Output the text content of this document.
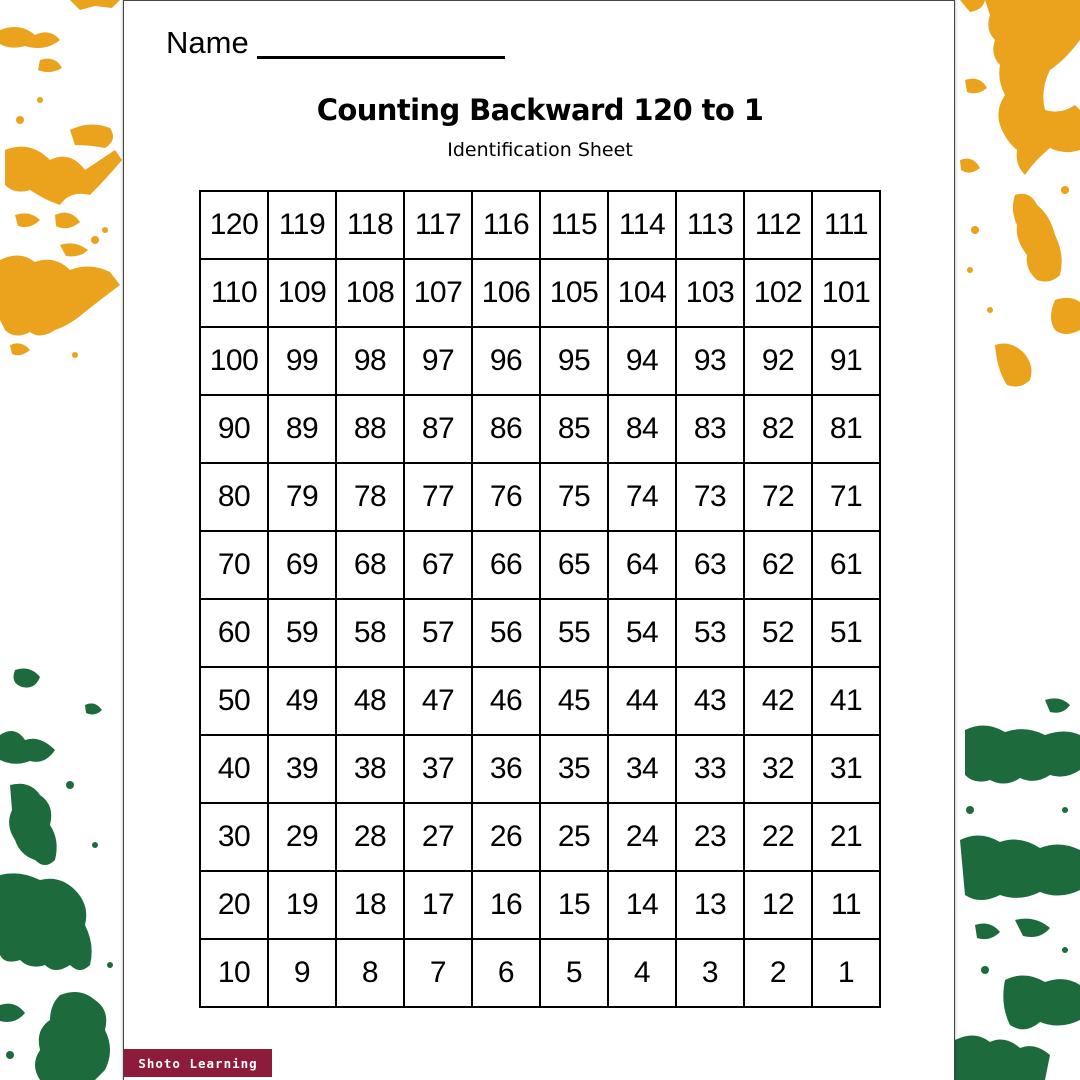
Name
Counting Backward 120 to 1
Identification Sheet
120 119 118 117 116 115 114 113 112 111
110 109 108 107 106 105 104 103 102 101
100 99	98	97	96	95	94	93	92	91
90	89	88	87	86	85	84	83	82	81
80	79	78	77	76	75	74	73	72	71
70	69	68	67	66	65	64	63	62	61
60	59	58	57	56	55	54	53	52	51
50	49	48	47	46	45	44	43	42	41
40	39	38	37	36	35	34	33	32	31
30	29	28	27	26	25	24	23	22	21
20	19	18	17	16	15	14	13	12	11
10	9	8	7	6	5	4	3	2	1
Shoto Learning
